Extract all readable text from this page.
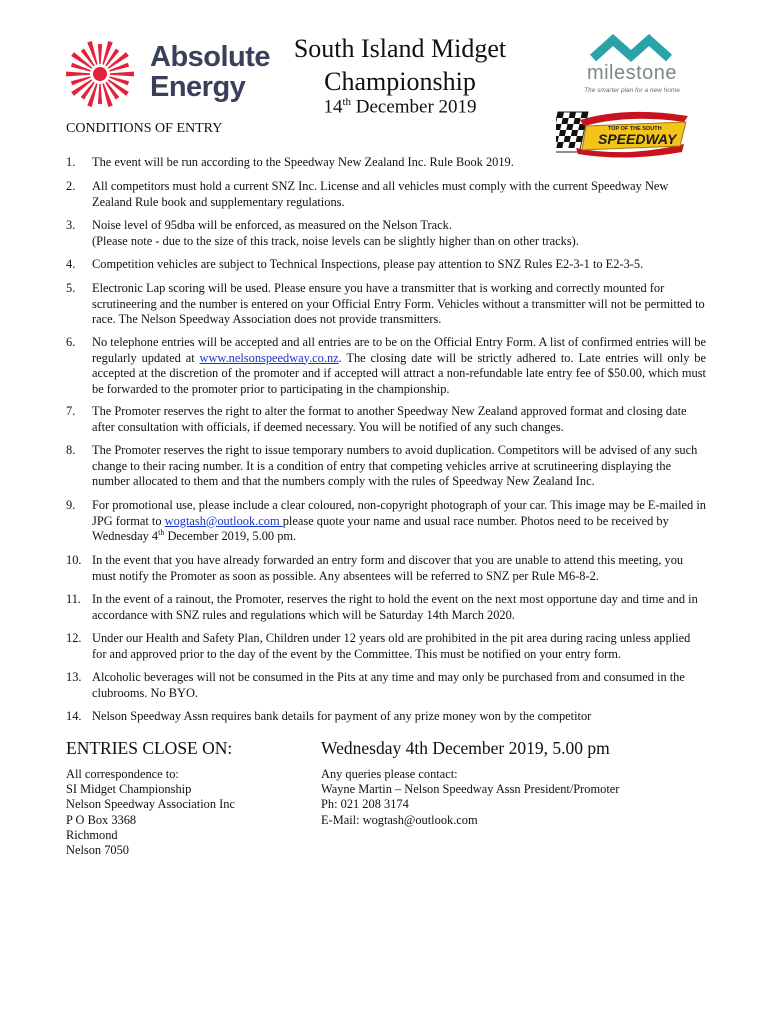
Absolute
Energy
South Island Midget
Championship
14th December 2019
milestone
The smarter plan for a new home
TOP OF THE SOUTH
SPEEDWAY
CONDITIONS OF ENTRY
1. The event will be run according to the Speedway New Zealand Inc. Rule Book 2019.
2. All competitors must hold a current SNZ Inc. License and all vehicles must comply with the current Speedway New Zealand Rule book and supplementary regulations.
3. Noise level of 95dba will be enforced, as measured on the Nelson Track.
(Please note - due to the size of this track, noise levels can be slightly higher than on other tracks).
4. Competition vehicles are subject to Technical Inspections, please pay attention to SNZ Rules E2-3-1 to E2-3-5.
5. Electronic Lap scoring will be used. Please ensure you have a transmitter that is working and correctly mounted for scrutineering and the number is entered on your Official Entry Form. Vehicles without a transmitter will not be permitted to race. The Nelson Speedway Association does not provide transmitters.
6. No telephone entries will be accepted and all entries are to be on the Official Entry Form. A list of confirmed entries will be regularly updated at www.nelsonspeedway.co.nz. The closing date will be strictly adhered to. Late entries will only be accepted at the discretion of the promoter and if accepted will attract a non-refundable late entry fee of $50.00, which must be forwarded to the promoter prior to participating in the championship.
7. The Promoter reserves the right to alter the format to another Speedway New Zealand approved format and closing date after consultation with officials, if deemed necessary. You will be notified of any such changes.
8. The Promoter reserves the right to issue temporary numbers to avoid duplication. Competitors will be advised of any such change to their racing number. It is a condition of entry that competing vehicles arrive at scrutineering displaying the number allocated to them and that the numbers comply with the rules of Speedway New Zealand Inc.
9. For promotional use, please include a clear coloured, non-copyright photograph of your car. This image may be E-mailed in JPG format to wogtash@outlook.com please quote your name and usual race number. Photos need to be received by Wednesday 4th December 2019, 5.00 pm.
10. In the event that you have already forwarded an entry form and discover that you are unable to attend this meeting, you must notify the Promoter as soon as possible. Any absentees will be referred to SNZ per Rule M6-8-2.
11. In the event of a rainout, the Promoter, reserves the right to hold the event on the next most opportune day and time and in accordance with SNZ rules and regulations which will be Saturday 14th March 2020.
12. Under our Health and Safety Plan, Children under 12 years old are prohibited in the pit area during racing unless applied for and approved prior to the day of the event by the Committee. This must be notified on your entry form.
13. Alcoholic beverages will not be consumed in the Pits at any time and may only be purchased from and consumed in the clubrooms. No BYO.
14. Nelson Speedway Assn requires bank details for payment of any prize money won by the competitor
ENTRIES CLOSE ON:	Wednesday 4th December 2019, 5.00 pm
All correspondence to:
SI Midget Championship
Nelson Speedway Association Inc
P O Box 3368
Richmond
Nelson 7050
Any queries please contact:
Wayne Martin – Nelson Speedway Assn President/Promoter
Ph: 021 208 3174
E-Mail: wogtash@outlook.com
